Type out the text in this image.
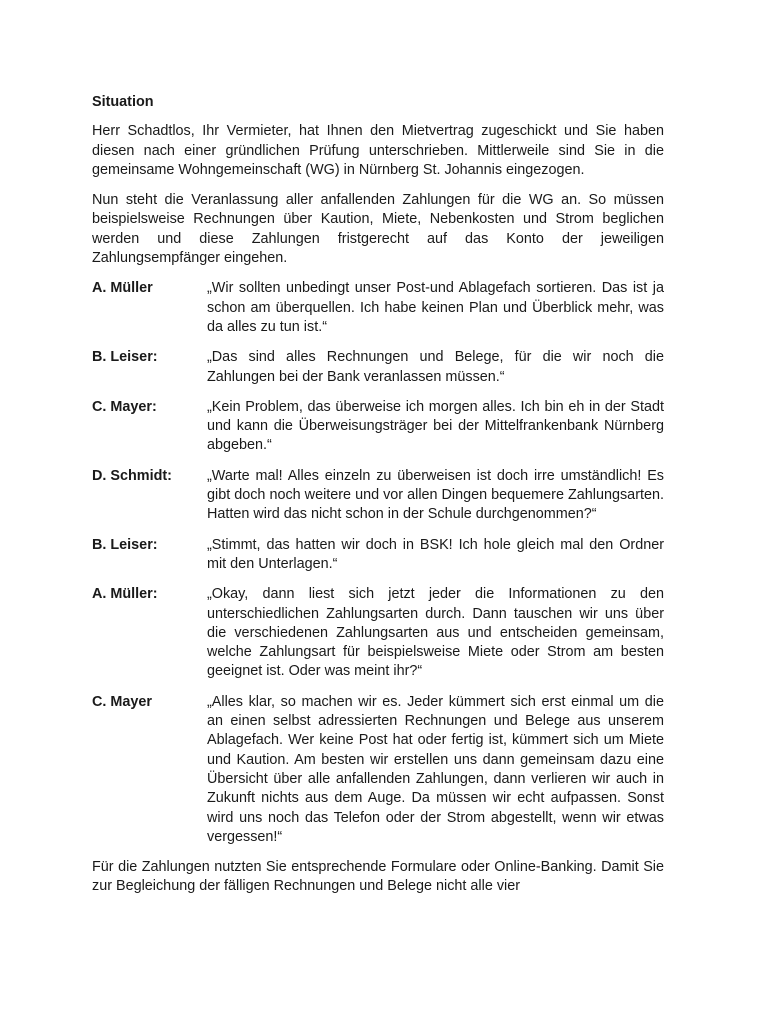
Situation

Herr Schadtlos, Ihr Vermieter, hat Ihnen den Mietvertrag zugeschickt und Sie haben diesen nach einer gründlichen Prüfung unterschrieben. Mittlerweile sind Sie in die gemeinsame Wohngemeinschaft (WG) in Nürnberg St. Johannis eingezogen.

Nun steht die Veranlassung aller anfallenden Zahlungen für die WG an. So müssen beispielsweise Rechnungen über Kaution, Miete, Nebenkosten und Strom beglichen werden und diese Zahlungen fristgerecht auf das Konto der jeweiligen Zahlungsempfänger eingehen.

A. Müller	„Wir sollten unbedingt unser Post-und Ablagefach sortieren. Das ist ja schon am überquellen. Ich habe keinen Plan und Überblick mehr, was da alles zu tun ist.“
B. Leiser:	„Das sind alles Rechnungen und Belege, für die wir noch die Zahlungen bei der Bank veranlassen müssen.“
C. Mayer:	„Kein Problem, das überweise ich morgen alles. Ich bin eh in der Stadt und kann die Überweisungsträger bei der Mittelfrankenbank Nürnberg abgeben.“
D. Schmidt:	„Warte mal! Alles einzeln zu überweisen ist doch irre umständlich! Es gibt doch noch weitere und vor allen Dingen bequemere Zahlungsarten. Hatten wird das nicht schon in der Schule durchgenommen?“
B. Leiser:	„Stimmt, das hatten wir doch in BSK! Ich hole gleich mal den Ordner mit den Unterlagen.“
A. Müller:	„Okay, dann liest sich jetzt jeder die Informationen zu den unterschiedlichen Zahlungsarten durch. Dann tauschen wir uns über die verschiedenen Zahlungsarten aus und entscheiden gemeinsam, welche Zahlungsart für beispielsweise Miete oder Strom am besten geeignet ist. Oder was meint ihr?“
C. Mayer	„Alles klar, so machen wir es. Jeder kümmert sich erst einmal um die an einen selbst adressierten Rechnungen und Belege aus unserem Ablagefach. Wer keine Post hat oder fertig ist, kümmert sich um Miete und Kaution. Am besten wir erstellen uns dann gemeinsam dazu eine Übersicht über alle anfallenden Zahlungen, dann verlieren wir auch in Zukunft nichts aus dem Auge. Da müssen wir echt aufpassen. Sonst wird uns noch das Telefon oder der Strom abgestellt, wenn wir etwas vergessen!“

Für die Zahlungen nutzten Sie entsprechende Formulare oder Online-Banking. Damit Sie zur Begleichung der fälligen Rechnungen und Belege nicht alle vier
